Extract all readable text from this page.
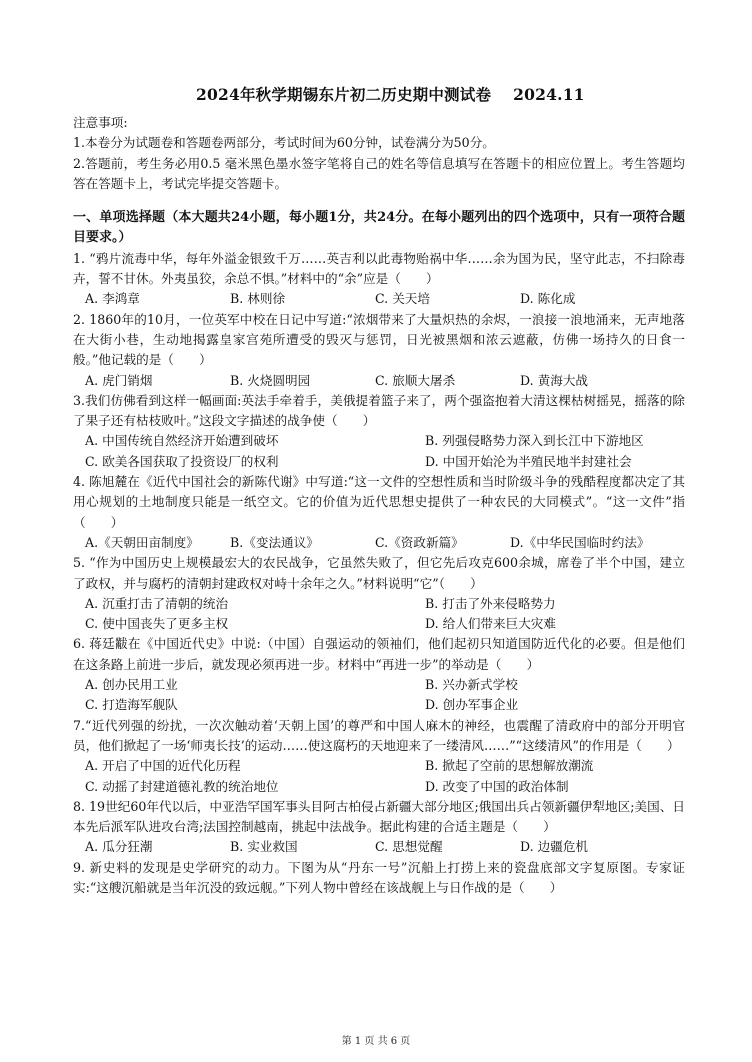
2024年秋学期锡东片初二历史期中测试卷 2024.11

注意事项:

1.本卷分为试题卷和答题卷两部分，考试时间为60分钟，试卷满分为50分。

2.答题前，考生务必用0.5 毫米黑色墨水签字笔将自己的姓名等信息填写在答题卡的相应位置上。考生答题均答在答题卡上，考试完毕提交答题卡。

一、单项选择题（本大题共24小题，每小题1分，共24分。在每小题列出的四个选项中，只有一项符合题目要求。）

1. “鸦片流毒中华，每年外溢金银致千万……英吉利以此毒物贻祸中华……余为国为民，坚守此志，不扫除毒卉，誓不甘休。外夷虽狡，余总不惧。”材料中的“余”应是（　　）

A. 李鸿章	B. 林则徐	C. 关天培	D. 陈化成

2. 1860年的10月，一位英军中校在日记中写道:“浓烟带来了大量炽热的余烬，一浪接一浪地涌来，无声地落在大街小巷，生动地揭露皇家宫苑所遭受的毁灭与惩罚，日光被黑烟和浓云遮蔽，仿佛一场持久的日食一般。”他记载的是（　　）

A. 虎门销烟	B. 火烧圆明园	C. 旅顺大屠杀	D. 黄海大战

3.我们仿佛看到这样一幅画面:英法手牵着手，美俄提着篮子来了，两个强盗抱着大清这棵枯树摇晃，摇落的除了果子还有枯枝败叶。”这段文字描述的战争使（　　）

A. 中国传统自然经济开始遭到破坏	B. 列强侵略势力深入到长江中下游地区
C. 欧美各国获取了投资设厂的权利	D. 中国开始沦为半殖民地半封建社会

4. 陈旭麓在《近代中国社会的新陈代谢》中写道:“这一文件的空想性质和当时阶级斗争的残酷程度都决定了其用心规划的土地制度只能是一纸空文。它的价值为近代思想史提供了一种农民的大同模式”。“这一文件”指（　　）

A.《天朝田亩制度》	B.《变法通议》	C.《资政新篇》	D.《中华民国临时约法》

5. “作为中国历史上规模最宏大的农民战争，它虽然失败了，但它先后攻克600余城，席卷了半个中国，建立了政权，并与腐朽的清朝封建政权对峙十余年之久。”材料说明“它”（　　）

A. 沉重打击了清朝的统治	B. 打击了外来侵略势力
C. 使中国丧失了更多主权	D. 给人们带来巨大灾难

6. 蒋廷黻在《中国近代史》中说:（中国）自强运动的领袖们，他们起初只知道国防近代化的必要。但是他们在这条路上前进一步后，就发现必须再进一步。材料中“再进一步”的举动是（　　）

A. 创办民用工业	B. 兴办新式学校
C. 打造海军舰队	D. 创办军事企业

7.“近代列强的纷扰，一次次触动着‘天朝上国’的尊严和中国人麻木的神经，也震醒了清政府中的部分开明官员，他们掀起了一场‘师夷长技’的运动……使这腐朽的天地迎来了一缕清风……”“这缕清风”的作用是（　　）

A. 开启了中国的近代化历程	B. 掀起了空前的思想解放潮流
C. 动摇了封建道德礼教的统治地位	D. 改变了中国的政治体制

8. 19世纪60年代以后，中亚浩罕国军事头目阿古柏侵占新疆大部分地区;俄国出兵占领新疆伊犁地区;美国、日本先后派军队进攻台湾;法国控制越南，挑起中法战争。据此构建的合适主题是（　　）

A. 瓜分狂潮	B. 实业救国	C. 思想觉醒	D. 边疆危机

9. 新史料的发现是史学研究的动力。下图为从“丹东一号”沉船上打捞上来的瓷盘底部文字复原图。专家证实:“这艘沉船就是当年沉没的致远舰。”下列人物中曾经在该战舰上与日作战的是（　　）

第 1 页 共 6 页
